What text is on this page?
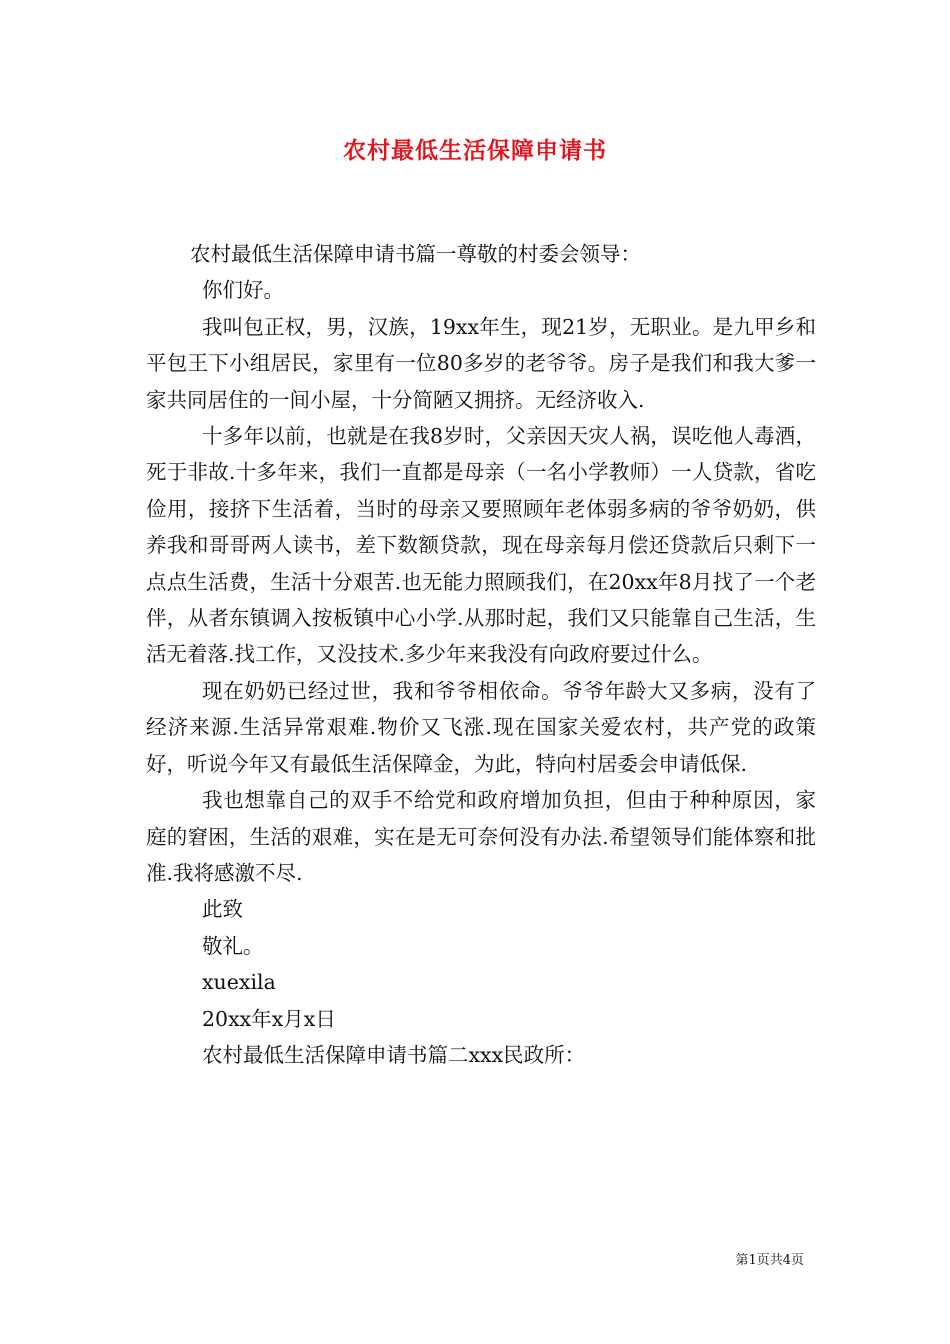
农村最低生活保障申请书

农村最低生活保障申请书篇一尊敬的村委会领导：

你们好。

我叫包正权，男，汉族，19xx年生，现21岁，无职业。是九甲乡和平包王下小组居民，家里有一位80多岁的老爷爷。房子是我们和我大爹一家共同居住的一间小屋，十分简陋又拥挤。无经济收入.

十多年以前，也就是在我8岁时，父亲因天灾人祸，误吃他人毒酒，死于非故.十多年来，我们一直都是母亲（一名小学教师）一人贷款，省吃俭用，接挤下生活着，当时的母亲又要照顾年老体弱多病的爷爷奶奶，供养我和哥哥两人读书，差下数额贷款，现在母亲每月偿还贷款后只剩下一点点生活费，生活十分艰苦.也无能力照顾我们，在20xx年8月找了一个老伴，从者东镇调入按板镇中心小学.从那时起，我们又只能靠自己生活，生活无着落.找工作，又没技术.多少年来我没有向政府要过什么。

现在奶奶已经过世，我和爷爷相依命。爷爷年龄大又多病，没有了经济来源.生活异常艰难.物价又飞涨.现在国家关爱农村，共产党的政策好，听说今年又有最低生活保障金，为此，特向村居委会申请低保.

我也想靠自己的双手不给党和政府增加负担，但由于种种原因，家庭的窘困，生活的艰难，实在是无可奈何没有办法.希望领导们能体察和批准.我将感激不尽.

此致

敬礼。

xuexila

20xx年x月x日

农村最低生活保障申请书篇二xxx民政所：

第1页共4页
